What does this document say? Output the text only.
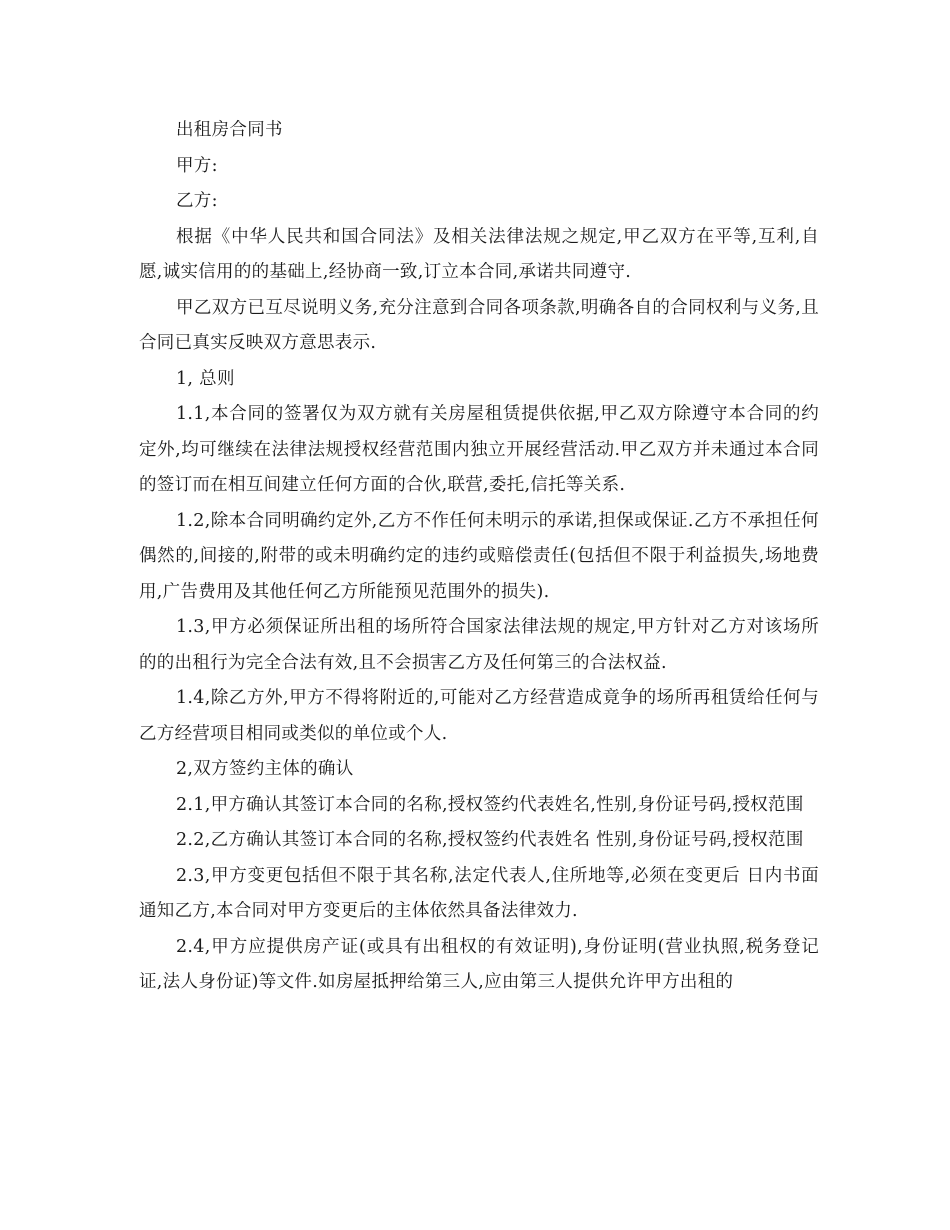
出租房合同书

甲方:

乙方:

根据《中华人民共和国合同法》及相关法律法规之规定,甲乙双方在平等,互利,自愿,诚实信用的的基础上,经协商一致,订立本合同,承诺共同遵守.

甲乙双方已互尽说明义务,充分注意到合同各项条款,明确各自的合同权利与义务,且合同已真实反映双方意思表示.

1, 总则

1.1,本合同的签署仅为双方就有关房屋租赁提供依据,甲乙双方除遵守本合同的约定外,均可继续在法律法规授权经营范围内独立开展经营活动.甲乙双方并未通过本合同的签订而在相互间建立任何方面的合伙,联营,委托,信托等关系.

1.2,除本合同明确约定外,乙方不作任何未明示的承诺,担保或保证.乙方不承担任何偶然的,间接的,附带的或未明确约定的违约或赔偿责任(包括但不限于利益损失,场地费用,广告费用及其他任何乙方所能预见范围外的损失).

1.3,甲方必须保证所出租的场所符合国家法律法规的规定,甲方针对乙方对该场所的的出租行为完全合法有效,且不会损害乙方及任何第三的合法权益.

1.4,除乙方外,甲方不得将附近的,可能对乙方经营造成竟争的场所再租赁给任何与乙方经营项目相同或类似的单位或个人.

2,双方签约主体的确认

2.1,甲方确认其签订本合同的名称,授权签约代表姓名,性别,身份证号码,授权范围

2.2,乙方确认其签订本合同的名称,授权签约代表姓名 性别,身份证号码,授权范围

2.3,甲方变更包括但不限于其名称,法定代表人,住所地等,必须在变更后 日内书面通知乙方,本合同对甲方变更后的主体依然具备法律效力.

2.4,甲方应提供房产证(或具有出租权的有效证明),身份证明(营业执照,税务登记证,法人身份证)等文件.如房屋抵押给第三人,应由第三人提供允许甲方出租的
